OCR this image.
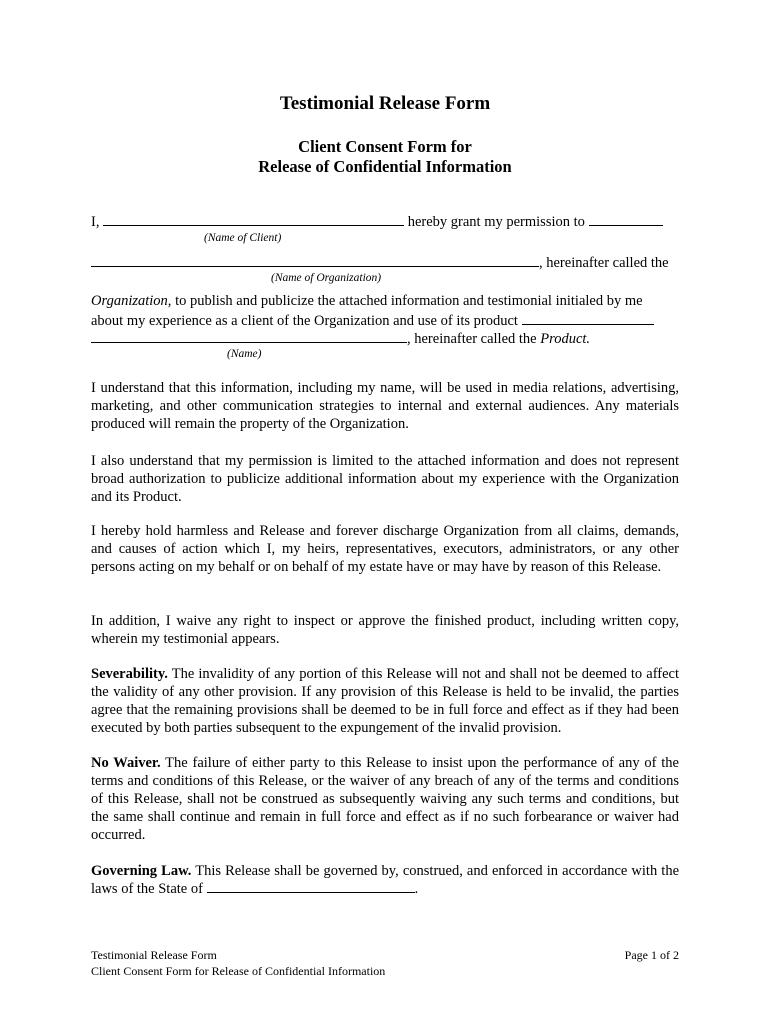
Testimonial Release Form
Client Consent Form for
Release of Confidential Information
I,	hereby grant my permission to
(Name of Client)
, hereinafter called the
(Name of Organization)
Organization, to publish and publicize the attached information and testimonial initialed by me
about my experience as a client of the Organization and use of its product
, hereinafter called the Product.
(Name)
I understand that this information, including my name, will be used in media relations, advertising, marketing, and other communication strategies to internal and external audiences. Any materials produced will remain the property of the Organization.
I also understand that my permission is limited to the attached information and does not represent broad authorization to publicize additional information about my experience with the Organization and its Product.
I hereby hold harmless and Release and forever discharge Organization from all claims, demands, and causes of action which I, my heirs, representatives, executors, administrators, or any other persons acting on my behalf or on behalf of my estate have or may have by reason of this Release.
In addition, I waive any right to inspect or approve the finished product, including written copy, wherein my testimonial appears.
Severability. The invalidity of any portion of this Release will not and shall not be deemed to affect the validity of any other provision. If any provision of this Release is held to be invalid, the parties agree that the remaining provisions shall be deemed to be in full force and effect as if they had been executed by both parties subsequent to the expungement of the invalid provision.
No Waiver. The failure of either party to this Release to insist upon the performance of any of the terms and conditions of this Release, or the waiver of any breach of any of the terms and conditions of this Release, shall not be construed as subsequently waiving any such terms and conditions, but the same shall continue and remain in full force and effect as if no such forbearance or waiver had occurred.
Governing Law. This Release shall be governed by, construed, and enforced in accordance with the laws of the State of	.
Testimonial Release Form
Client Consent Form for Release of Confidential Information
Page 1 of 2
